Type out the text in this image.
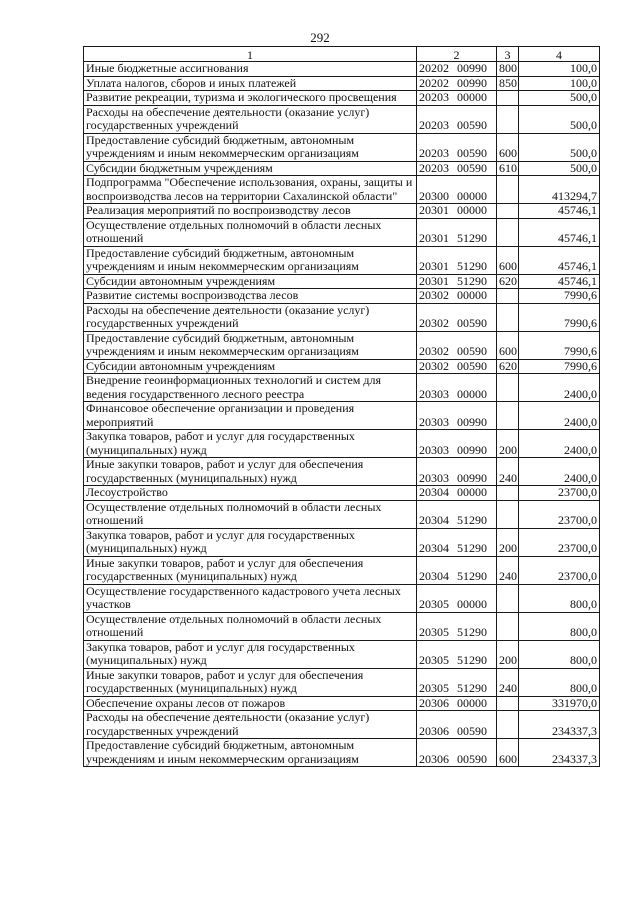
292
1	2	3	4
Иные бюджетные ассигнования	20202 00990	800	100,0
Уплата налогов, сборов и иных платежей	20202 00990	850	100,0
Развитие рекреации, туризма и экологического просвещения	20203 00000		500,0
Расходы на обеспечение деятельности (оказание услуг) государственных учреждений	20203 00590		500,0
Предоставление субсидий бюджетным, автономным учреждениям и иным некоммерческим организациям	20203 00590	600	500,0
Субсидии бюджетным учреждениям	20203 00590	610	500,0
Подпрограмма "Обеспечение использования, охраны, защиты и воспроизводства лесов на территории Сахалинской области"	20300 00000		413294,7
Реализация мероприятий по воспроизводству лесов	20301 00000		45746,1
Осуществление отдельных полномочий в области лесных отношений	20301 51290		45746,1
Предоставление субсидий бюджетным, автономным учреждениям и иным некоммерческим организациям	20301 51290	600	45746,1
Субсидии автономным учреждениям	20301 51290	620	45746,1
Развитие системы воспроизводства лесов	20302 00000		7990,6
Расходы на обеспечение деятельности (оказание услуг) государственных учреждений	20302 00590		7990,6
Предоставление субсидий бюджетным, автономным учреждениям и иным некоммерческим организациям	20302 00590	600	7990,6
Субсидии автономным учреждениям	20302 00590	620	7990,6
Внедрение геоинформационных технологий и систем для ведения государственного лесного реестра	20303 00000		2400,0
Финансовое обеспечение организации и проведения мероприятий	20303 00990		2400,0
Закупка товаров, работ и услуг для государственных (муниципальных) нужд	20303 00990	200	2400,0
Иные закупки товаров, работ и услуг для обеспечения государственных (муниципальных) нужд	20303 00990	240	2400,0
Лесоустройство	20304 00000		23700,0
Осуществление отдельных полномочий в области лесных отношений	20304 51290		23700,0
Закупка товаров, работ и услуг для государственных (муниципальных) нужд	20304 51290	200	23700,0
Иные закупки товаров, работ и услуг для обеспечения государственных (муниципальных) нужд	20304 51290	240	23700,0
Осуществление государственного кадастрового учета лесных участков	20305 00000		800,0
Осуществление отдельных полномочий в области лесных отношений	20305 51290		800,0
Закупка товаров, работ и услуг для государственных (муниципальных) нужд	20305 51290	200	800,0
Иные закупки товаров, работ и услуг для обеспечения государственных (муниципальных) нужд	20305 51290	240	800,0
Обеспечение охраны лесов от пожаров	20306 00000		331970,0
Расходы на обеспечение деятельности (оказание услуг) государственных учреждений	20306 00590		234337,3
Предоставление субсидий бюджетным, автономным учреждениям и иным некоммерческим организациям	20306 00590	600	234337,3
